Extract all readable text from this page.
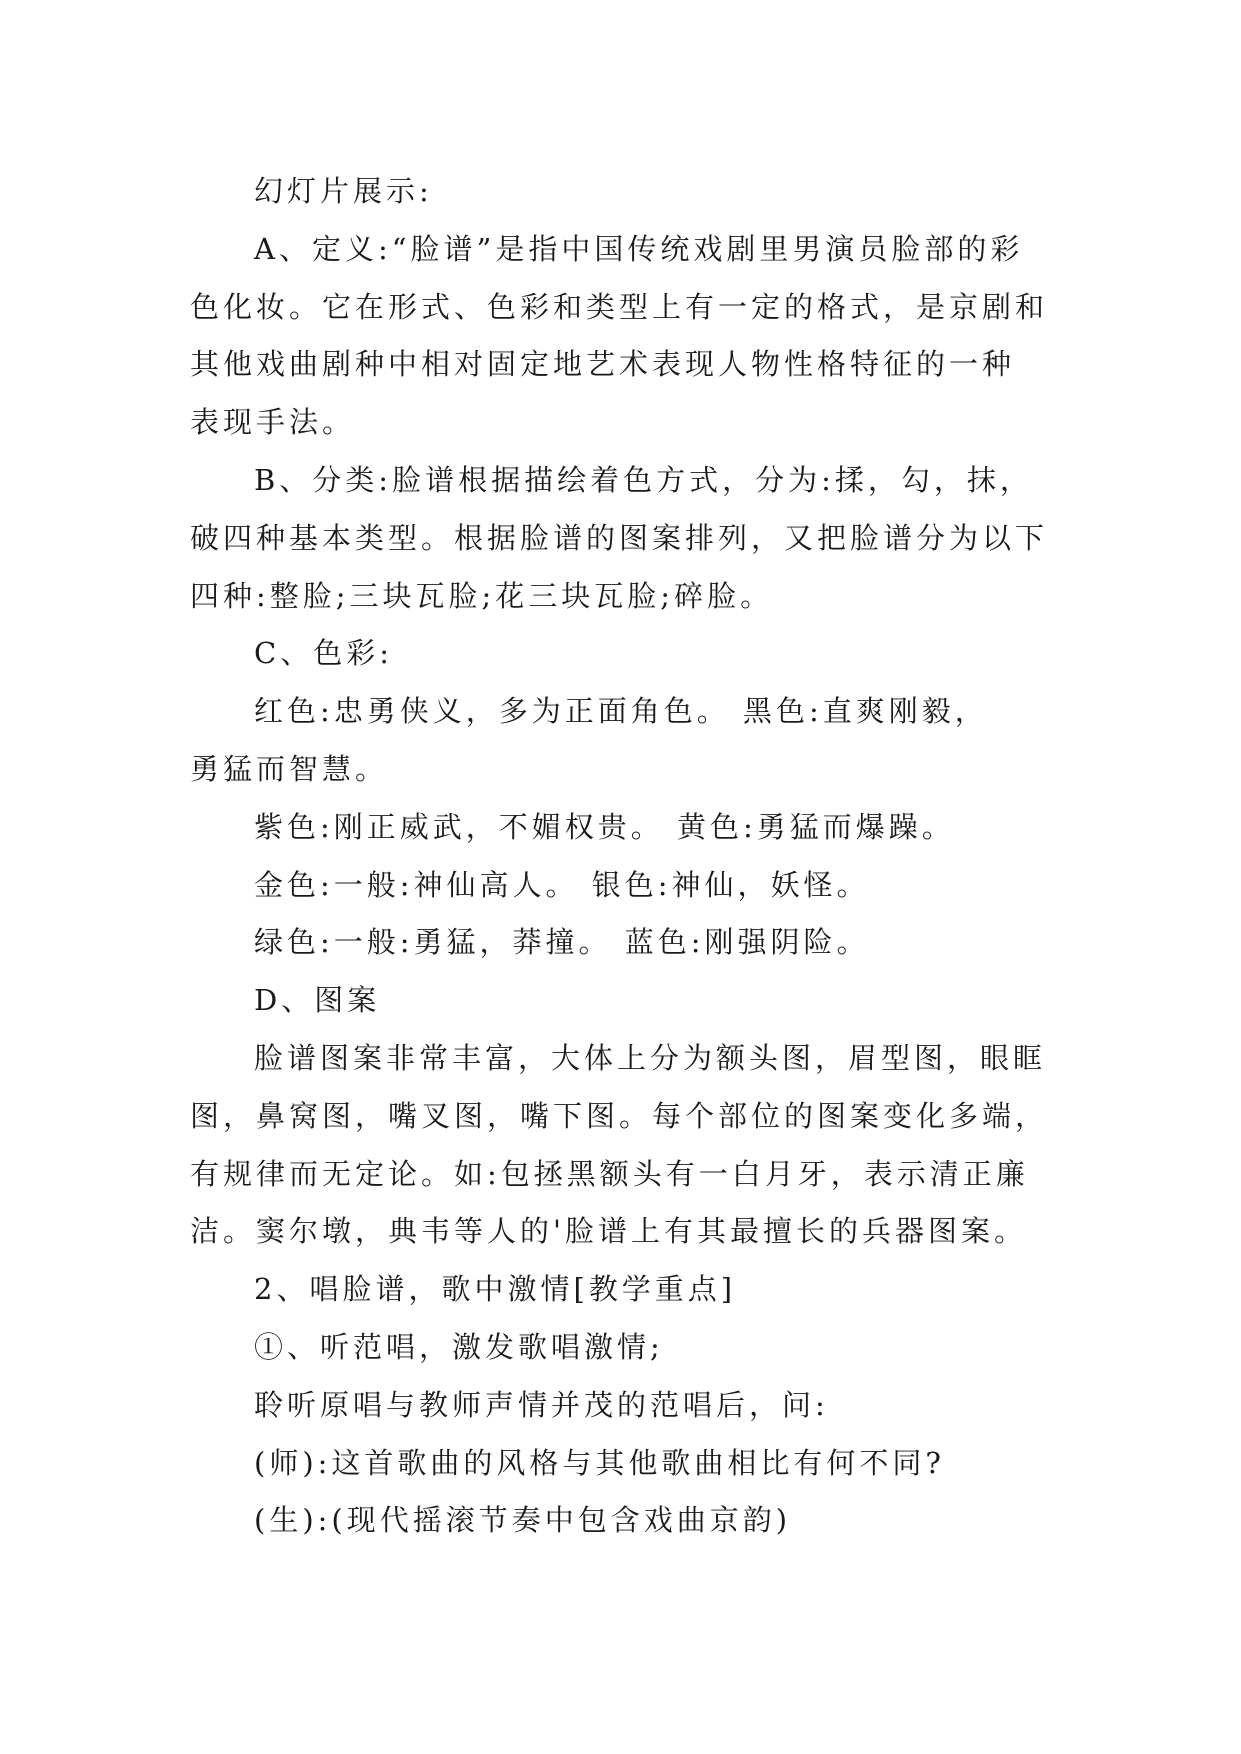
幻灯片展示:
A、定义:“脸谱”是指中国传统戏剧里男演员脸部的彩
色化妆。它在形式、色彩和类型上有一定的格式，是京剧和
其他戏曲剧种中相对固定地艺术表现人物性格特征的一种
表现手法。
B、分类:脸谱根据描绘着色方式，分为:揉，勾，抹，
破四种基本类型。根据脸谱的图案排列，又把脸谱分为以下
四种:整脸;三块瓦脸;花三块瓦脸;碎脸。
C、色彩:
红色:忠勇侠义，多为正面角色。 黑色:直爽刚毅，
勇猛而智慧。
紫色:刚正威武，不媚权贵。 黄色:勇猛而爆躁。
金色:一般:神仙高人。 银色:神仙，妖怪。
绿色:一般:勇猛，莽撞。 蓝色:刚强阴险。
D、图案
脸谱图案非常丰富，大体上分为额头图，眉型图，眼眶
图，鼻窝图，嘴叉图，嘴下图。每个部位的图案变化多端，
有规律而无定论。如:包拯黑额头有一白月牙，表示清正廉
洁。窦尔墩，典韦等人的'脸谱上有其最擅长的兵器图案。
2、唱脸谱，歌中激情[教学重点]
①、听范唱，激发歌唱激情;
聆听原唱与教师声情并茂的范唱后，问:
(师):这首歌曲的风格与其他歌曲相比有何不同?
(生):(现代摇滚节奏中包含戏曲京韵)
